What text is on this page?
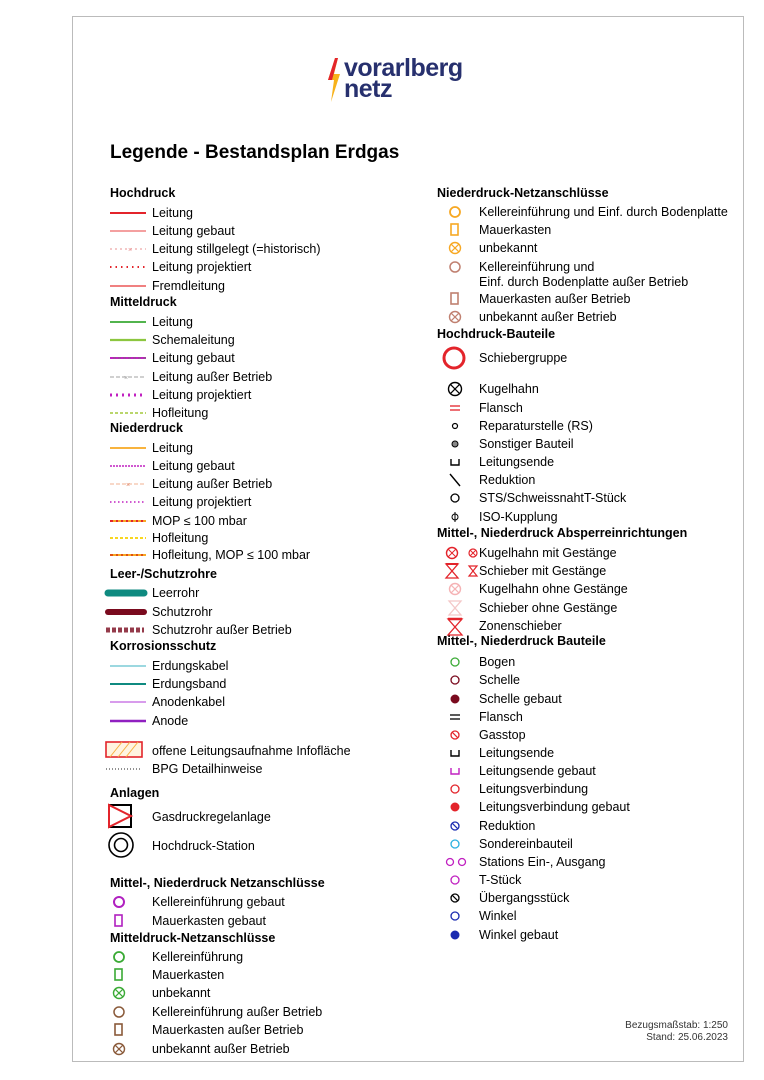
vorarlberg
netz
Legende - Bestandsplan Erdgas
Hochdruck
Leitung
Leitung gebaut
× Leitung stillgelegt (=historisch)
Leitung projektiert
Fremdleitung
Mitteldruck
Leitung
Schemaleitung
Leitung gebaut
× Leitung außer Betrieb
Leitung projektiert
Hofleitung
Niederdruck
Leitung
Leitung gebaut
× Leitung außer Betrieb
Leitung projektiert
MOP ≤ 100 mbar
Hofleitung
Hofleitung, MOP ≤ 100 mbar
Leer-/Schutzrohre
Leerrohr
Schutzrohr
Schutzrohr außer Betrieb
Korrosionsschutz
Erdungskabel
Erdungsband
Anodenkabel
Anode
offene Leitungsaufnahme Infofläche
BPG Detailhinweise
Anlagen
Gasdruckregelanlage
Hochdruck-Station
Mittel-, Niederdruck Netzanschlüsse
Kellereinführung gebaut
Mauerkasten gebaut
Mitteldruck-Netzanschlüsse
Kellereinführung
Mauerkasten
unbekannt
Kellereinführung außer Betrieb
Mauerkasten außer Betrieb
unbekannt außer Betrieb
Niederdruck-Netzanschlüsse
Kellereinführung und Einf. durch Bodenplatte
Mauerkasten
unbekannt
Kellereinführung und
Einf. durch Bodenplatte außer Betrieb
Mauerkasten außer Betrieb
unbekannt außer Betrieb
Hochdruck-Bauteile
Schiebergruppe
Kugelhahn
Flansch
Reparaturstelle (RS)
Sonstiger Bauteil
Leitungsende
Reduktion
STS/SchweissnahtT-Stück
ISO-Kupplung
Mittel-, Niederdruck Absperreinrichtungen
Kugelhahn mit Gestänge
Schieber mit Gestänge
Kugelhahn ohne Gestänge
Schieber ohne Gestänge
Zonenschieber
Mittel-, Niederdruck Bauteile
Bogen
Schelle
Schelle gebaut
Flansch
Gasstop
Leitungsende
Leitungsende gebaut
Leitungsverbindung
Leitungsverbindung gebaut
Reduktion
Sondereinbauteil
Stations Ein-, Ausgang
T-Stück
Übergangsstück
Winkel
Winkel gebaut
Bezugsmaßstab: 1:250
Stand: 25.06.2023
